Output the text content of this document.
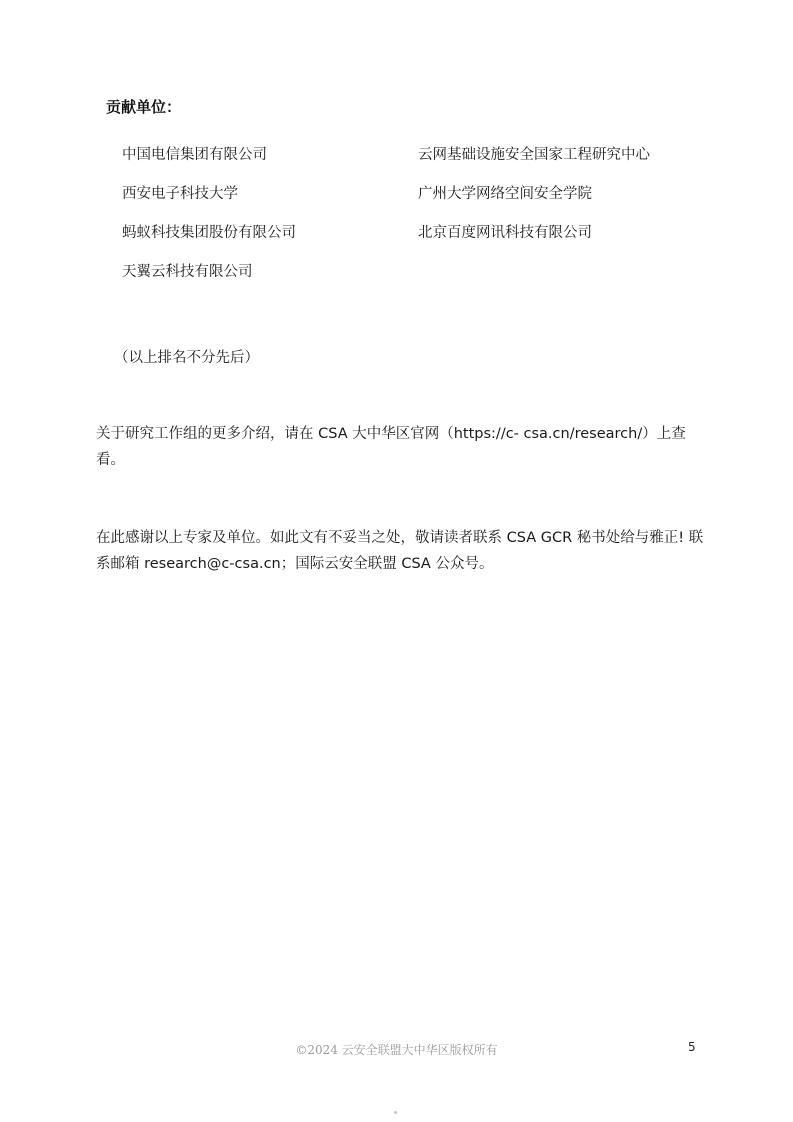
贡献单位：
中国电信集团有限公司
西安电子科技大学
蚂蚁科技集团股份有限公司
天翼云科技有限公司
云网基础设施安全国家工程研究中心
广州大学网络空间安全学院
北京百度网讯科技有限公司
（以上排名不分先后）
关于研究工作组的更多介绍，请在 CSA 大中华区官网（https://c- csa.cn/research/）上查看。
在此感谢以上专家及单位。如此文有不妥当之处，敬请读者联系 CSA GCR 秘书处给与雅正! 联系邮箱 research@c-csa.cn；国际云安全联盟 CSA 公众号。
©2024 云安全联盟大中华区版权所有	5
